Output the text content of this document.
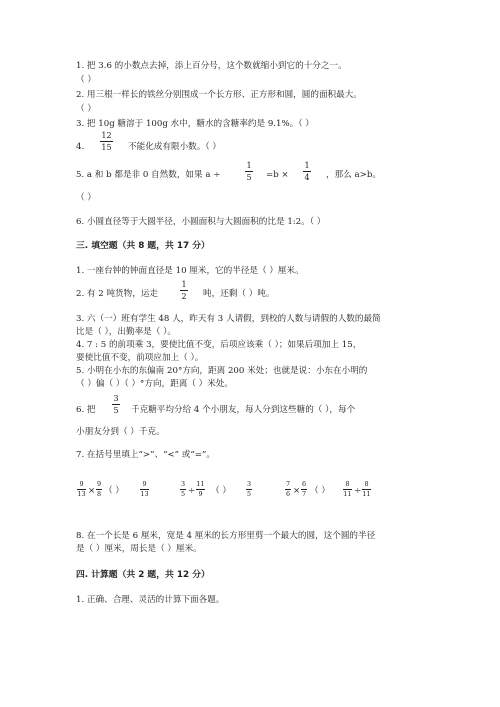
1. 把 3.6 的小数点去掉，添上百分号，这个数就缩小到它的十分之一。
（ ）
2. 用三根一样长的铁丝分别围成一个长方形、正方形和圆，圆的面积最大。
（ ）
3. 把 10g 糖溶于 100g 水中，糖水的含糖率约是 9.1%。（ ）
4.
12
15 不能化成有限小数。（ ）
5. a 和 b 都是非 0 自然数，如果 a ÷
1
5 =b ×
1
4 ，那么 a>b。
（ ）
6. 小圆直径等于大圆半径，小圆面积与大圆面积的比是 1:2。（ ）
三. 填空题（共 8 题，共 17 分）
1. 一座台钟的钟面直径是 10 厘米，它的半径是（ ）厘米。
2. 有 2 吨货物，运走
1
2 吨，还剩（ ）吨。
3. 六（一）班有学生 48 人，昨天有 3 人请假，到校的人数与请假的人数的最简
比是（ ），出勤率是（ ）。
4. 7 : 5 的前项乘 3，要使比值不变，后项应该乘（ ）；如果后项加上 15，
要使比值不变，前项应加上（ ）。
5. 小明在小东的东偏南 20°方向，距离 200 米处；也就是说：小东在小明的
（ ）偏（ ）（ ）°方向，距离（ ）米处。
6. 把
3
5 千克糖平均分给 4 个小朋友，每人分到这些糖的（ ），每个
小朋友分到（ ）千克。
7. 在括号里填上“>”、“<” 或“=”。
9
13 ×
9
8 （ ）
9
13
3
5 ÷
11
9 （ ）
3
5
7
6 ×
6
7 （ ）
8
11 ÷
8
11
8. 在一个长是 6 厘米，宽是 4 厘米的长方形里剪一个最大的圆，这个圆的半径
是（ ）厘米，周长是（ ）厘米。
四. 计算题（共 2 题，共 12 分）
1. 正确、合理、灵活的计算下面各题。
